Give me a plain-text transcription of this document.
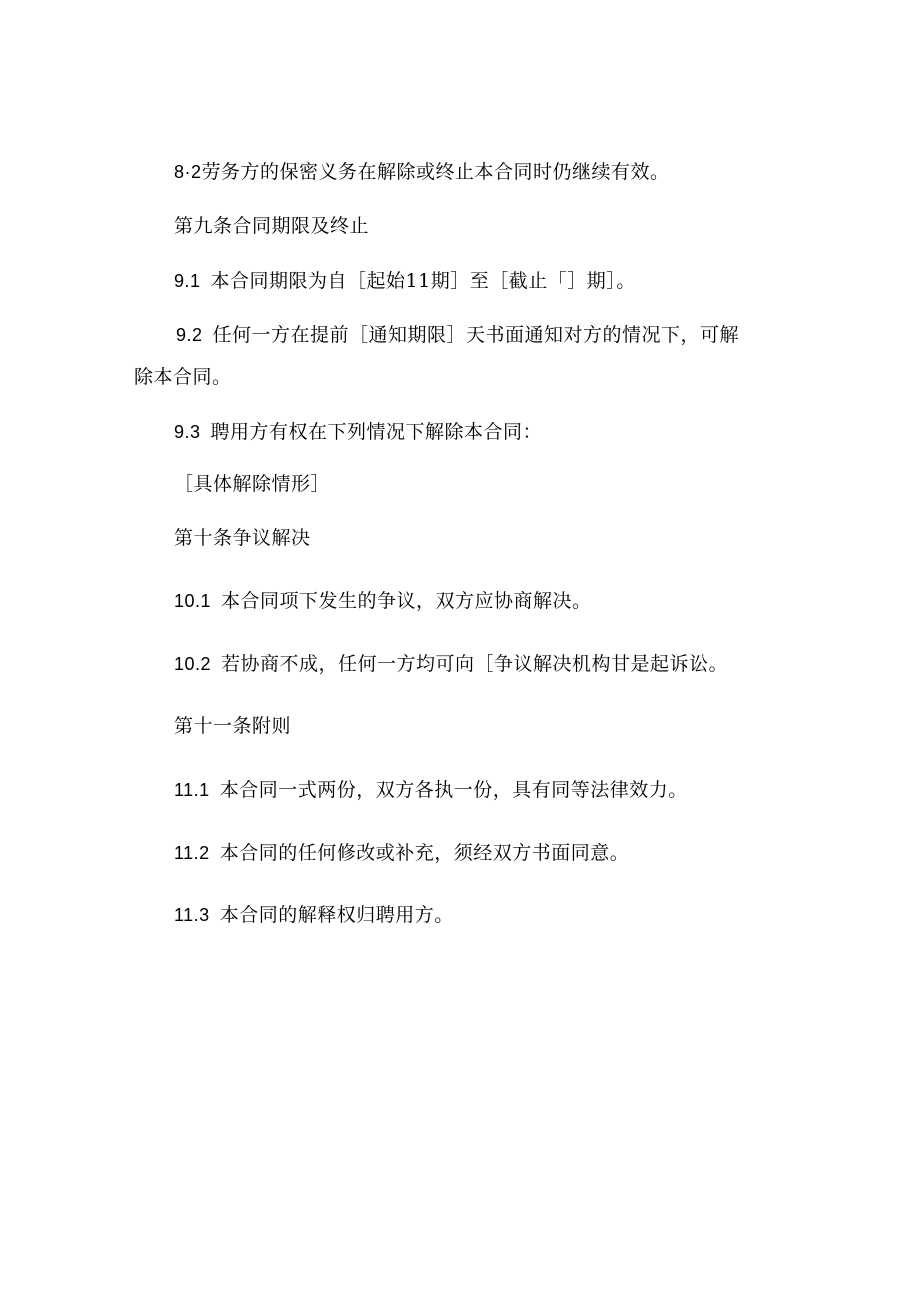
8·2劳务方的保密义务在解除或终止本合同时仍继续有效。
第九条合同期限及终止
9.1 本合同期限为自［起始11期］至［截止「］期］。
9.2 任何一方在提前［通知期限］天书面通知对方的情况下，可解
除本合同。
9.3 聘用方有权在下列情况下解除本合同：
［具体解除情形］
第十条争议解决
10.1 本合同项下发生的争议，双方应协商解决。
10.2 若协商不成，任何一方均可向［争议解决机构甘是起诉讼。
第十一条附则
11.1 本合同一式两份，双方各执一份，具有同等法律效力。
11.2 本合同的任何修改或补充，须经双方书面同意。
11.3 本合同的解释权归聘用方。
